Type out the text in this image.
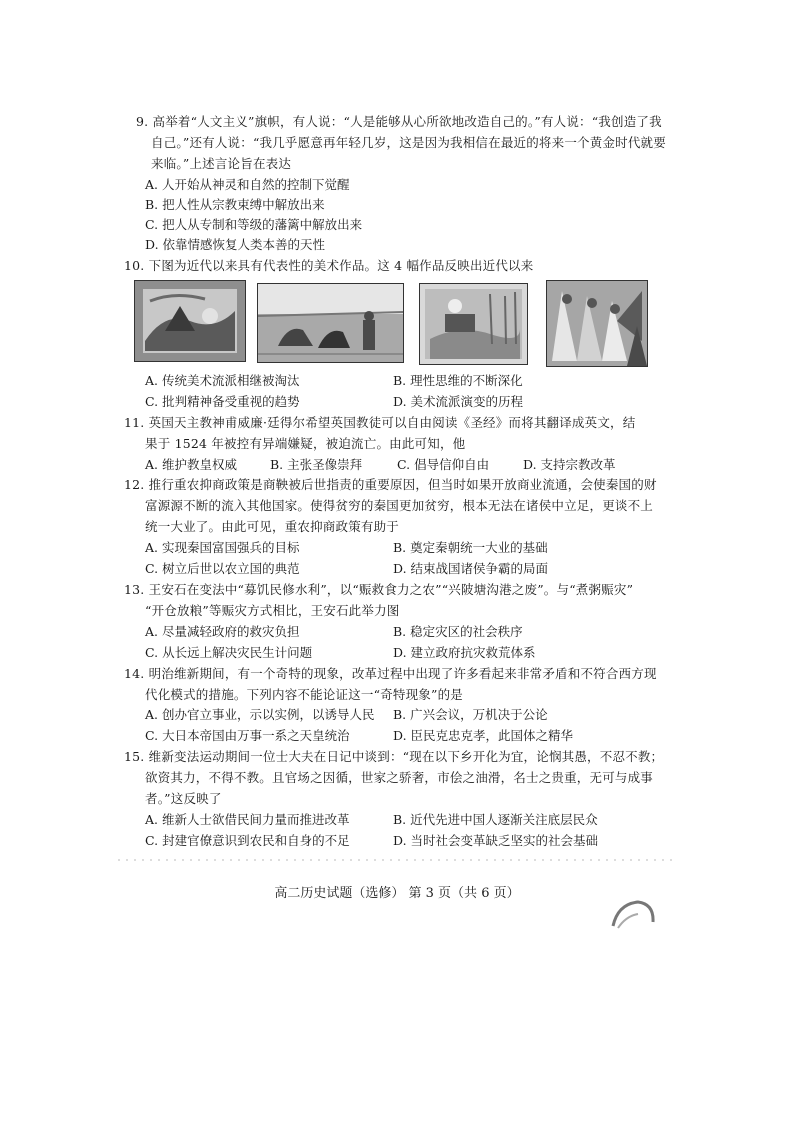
9. 高举着“人文主义”旗帜，有人说：“人是能够从心所欲地改造自己的。”有人说：“我创造了我
自己。”还有人说：“我几乎愿意再年轻几岁，这是因为我相信在最近的将来一个黄金时代就要
来临。”上述言论旨在表达
A. 人开始从神灵和自然的控制下觉醒
B. 把人性从宗教束缚中解放出来
C. 把人从专制和等级的藩篱中解放出来
D. 依靠情感恢复人类本善的天性
10. 下图为近代以来具有代表性的美术作品。这 4 幅作品反映出近代以来
A. 传统美术流派相继被淘汰	B. 理性思维的不断深化
C. 批判精神备受重视的趋势	D. 美术流派演变的历程
11. 英国天主教神甫威廉·廷得尔希望英国教徒可以自由阅读《圣经》而将其翻译成英文，结
果于 1524 年被控有异端嫌疑，被迫流亡。由此可知，他
A. 维护教皇权威	B. 主张圣像崇拜	C. 倡导信仰自由	D. 支持宗教改革
12. 推行重农抑商政策是商鞅被后世指责的重要原因，但当时如果开放商业流通，会使秦国的财
富源源不断的流入其他国家。使得贫穷的秦国更加贫穷，根本无法在诸侯中立足，更谈不上
统一大业了。由此可见，重农抑商政策有助于
A. 实现秦国富国强兵的目标	B. 奠定秦朝统一大业的基础
C. 树立后世以农立国的典范	D. 结束战国诸侯争霸的局面
13. 王安石在变法中“募饥民修水利”，以“赈救食力之农”“兴陂塘沟港之废”。与“煮粥赈灾”
“开仓放粮”等赈灾方式相比，王安石此举力图
A. 尽量减轻政府的救灾负担	B. 稳定灾区的社会秩序
C. 从长远上解决灾民生计问题	D. 建立政府抗灾救荒体系
14. 明治维新期间，有一个奇特的现象，改革过程中出现了许多看起来非常矛盾和不符合西方现
代化模式的措施。下列内容不能论证这一“奇特现象”的是
A. 创办官立事业，示以实例，以诱导人民 B. 广兴会议，万机决于公论
C. 大日本帝国由万事一系之天皇统治	D. 臣民克忠克孝，此国体之精华
15. 维新变法运动期间一位士大夫在日记中谈到：“现在以下乡开化为宜，论悯其愚，不忍不教；
欲资其力，不得不教。且官场之因循，世家之骄奢，市侩之油滑，名士之贵重，无可与成事
者。”这反映了
A. 维新人士欲借民间力量而推进改革	B. 近代先进中国人逐渐关注底层民众
C. 封建官僚意识到农民和自身的不足	D. 当时社会变革缺乏坚实的社会基础
高二历史试题（选修） 第 3 页（共 6 页）
